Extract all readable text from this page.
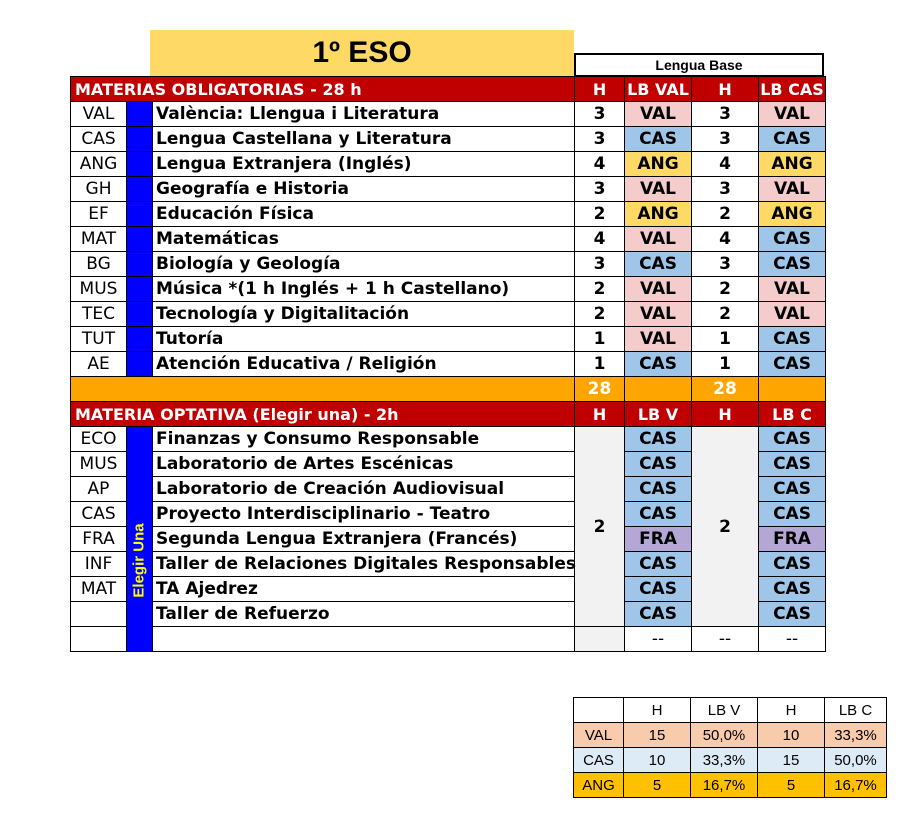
1º ESO	Lengua Base
MATERIAS OBLIGATORIAS - 28 h			H	LB VAL	H	LB CAS
VAL		València: Llengua i Literatura	3	VAL	3	VAL
CAS		Lengua Castellana y Literatura	3	CAS	3	CAS
ANG		Lengua Extranjera (Inglés)	4	ANG	4	ANG
GH		Geografía e Historia	3	VAL	3	VAL
EF		Educación Física	2	ANG	2	ANG
MAT		Matemáticas	4	VAL	4	CAS
BG		Biología y Geología	3	CAS	3	CAS
MUS		Música *(1 h Inglés + 1 h Castellano)	2	VAL	2	VAL
TEC		Tecnología y Digitalitación	2	VAL	2	VAL
TUT		Tutoría	1	VAL	1	CAS
AE		Atención Educativa / Religión	1	CAS	1	CAS
			28		28	
MATERIA OPTATIVA (Elegir una) - 2h			H	LB V	H	LB C
ECO		Finanzas y Consumo Responsable	2	CAS	2	CAS
MUS		Laboratorio de Artes Escénicas		CAS		CAS
AP		Laboratorio de Creación Audiovisual		CAS		CAS
CAS		Proyecto Interdisciplinario - Teatro		CAS		CAS
FRA		Segunda Lengua Extranjera (Francés)		FRA		FRA
INF		Taller de Relaciones Digitales Responsables		CAS		CAS
MAT		TA Ajedrez		CAS		CAS
		Taller de Refuerzo		CAS		CAS
				--	--	--
Elegir Una
	H	LB V	H	LB C
VAL	15	50,0%	10	33,3%
CAS	10	33,3%	15	50,0%
ANG	5	16,7%	5	16,7%
